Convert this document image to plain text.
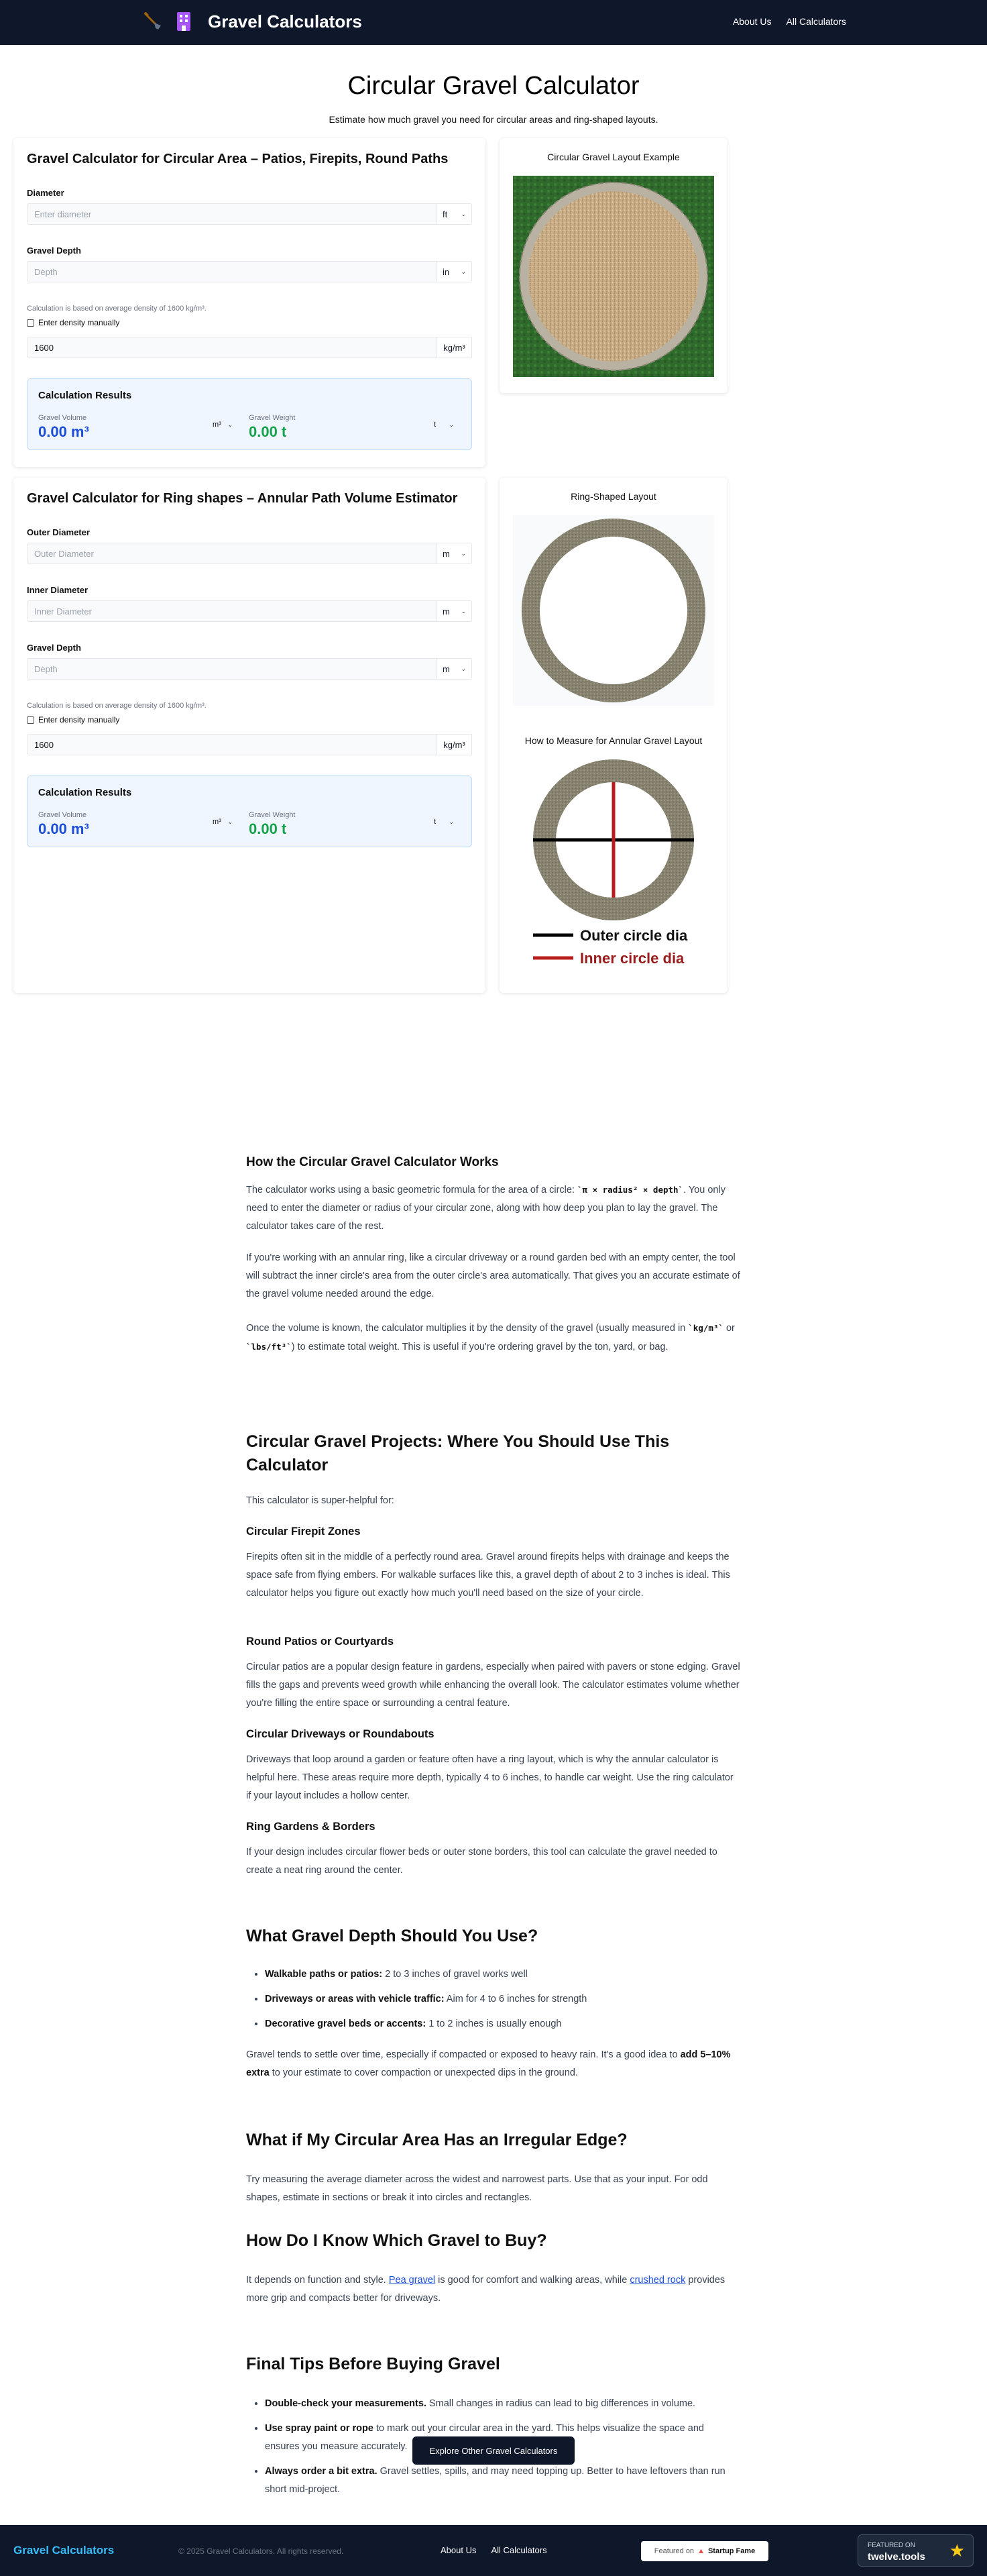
Gravel Calculators	About Us All Calculators
Circular Gravel Calculator

Estimate how much gravel you need for circular areas and ring-shaped layouts.

Gravel Calculator for Circular Area – Patios, Firepits, Round Paths
Diameter
Enter diameter
ft ⌄
Gravel Depth
Depth
in ⌄

Calculation is based on average density of 1600 kg/m³.

Enter density manually
1600
kg/m³
Calculation Results
Gravel Volume
0.00 m³	m³ ⌄
Gravel Weight
0.00 t	t ⌄
Circular Gravel Layout Example
Gravel Calculator for Ring shapes – Annular Path Volume Estimator
Outer Diameter
Outer Diameter
m ⌄
Inner Diameter
Inner Diameter
m ⌄
Gravel Depth
Depth
m ⌄

Calculation is based on average density of 1600 kg/m³.

Enter density manually
1600
kg/m³
Calculation Results
Gravel Volume
0.00 m³	m³ ⌄
Gravel Weight
0.00 t	t ⌄
Ring-Shaped Layout
How to Measure for Annular Gravel Layout
Outer circle dia
Inner circle dia
How the Circular Gravel Calculator Works

The calculator works using a basic geometric formula for the area of a circle: `π × radius² × depth`. You only need to enter the diameter or radius of your circular zone, along with how deep you plan to lay the gravel. The calculator takes care of the rest.

If you're working with an annular ring, like a circular driveway or a round garden bed with an empty center, the tool will subtract the inner circle's area from the outer circle's area automatically. That gives you an accurate estimate of the gravel volume needed around the edge.

Once the volume is known, the calculator multiplies it by the density of the gravel (usually measured in `kg/m³` or `lbs/ft³`) to estimate total weight. This is useful if you're ordering gravel by the ton, yard, or bag.

Circular Gravel Projects: Where You Should Use This Calculator

This calculator is super-helpful for:

Circular Firepit Zones

Firepits often sit in the middle of a perfectly round area. Gravel around firepits helps with drainage and keeps the space safe from flying embers. For walkable surfaces like this, a gravel depth of about 2 to 3 inches is ideal. This calculator helps you figure out exactly how much you'll need based on the size of your circle.

Round Patios or Courtyards

Circular patios are a popular design feature in gardens, especially when paired with pavers or stone edging. Gravel fills the gaps and prevents weed growth while enhancing the overall look. The calculator estimates volume whether you're filling the entire space or surrounding a central feature.

Circular Driveways or Roundabouts

Driveways that loop around a garden or feature often have a ring layout, which is why the annular calculator is helpful here. These areas require more depth, typically 4 to 6 inches, to handle car weight. Use the ring calculator if your layout includes a hollow center.

Ring Gardens & Borders

If your design includes circular flower beds or outer stone borders, this tool can calculate the gravel needed to create a neat ring around the center.

What Gravel Depth Should You Use?
• Walkable paths or patios: 2 to 3 inches of gravel works well
• Driveways or areas with vehicle traffic: Aim for 4 to 6 inches for strength
• Decorative gravel beds or accents: 1 to 2 inches is usually enough

Gravel tends to settle over time, especially if compacted or exposed to heavy rain. It's a good idea to add 5–10% extra to your estimate to cover compaction or unexpected dips in the ground.

What if My Circular Area Has an Irregular Edge?

Try measuring the average diameter across the widest and narrowest parts. Use that as your input. For odd shapes, estimate in sections or break it into circles and rectangles.

How Do I Know Which Gravel to Buy?

It depends on function and style. Pea gravel is good for comfort and walking areas, while crushed rock provides more grip and compacts better for driveways.

Final Tips Before Buying Gravel
• Double-check your measurements. Small changes in radius can lead to big differences in volume.
• Use spray paint or rope to mark out your circular area in the yard. This helps visualize the space and ensures you measure accurately.
• Always order a bit extra. Gravel settles, spills, and may need topping up. Better to have leftovers than run short mid-project.
Explore Other Gravel Calculators
Gravel Calculators	© 2025 Gravel Calculators. All rights reserved.	About Us All Calculators	Featured on ▲ Startup Fame
FEATURED ON
twelve.tools ★
